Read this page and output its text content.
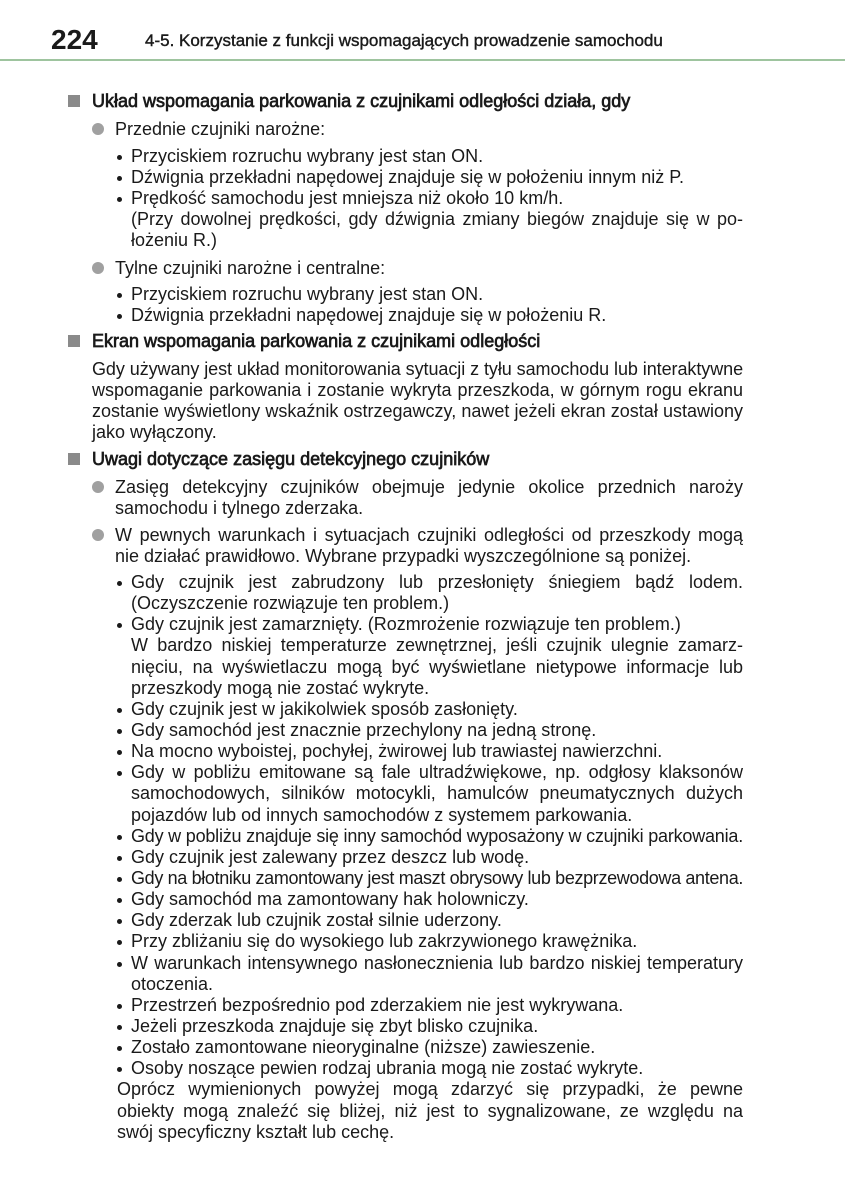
224	4-5. Korzystanie z funkcji wspomagających prowadzenie samochodu
Układ wspomagania parkowania z czujnikami odległości działa, gdy
Przednie czujniki narożne:
Przyciskiem rozruchu wybrany jest stan ON.
Dźwignia przekładni napędowej znajduje się w położeniu innym niż P.
Prędkość samochodu jest mniejsza niż około 10 km/h.
(Przy dowolnej prędkości, gdy dźwignia zmiany biegów znajduje się w po-
łożeniu R.)
Tylne czujniki narożne i centralne:
Przyciskiem rozruchu wybrany jest stan ON.
Dźwignia przekładni napędowej znajduje się w położeniu R.
Ekran wspomagania parkowania z czujnikami odległości
Gdy używany jest układ monitorowania sytuacji z tyłu samochodu lub interaktywne
wspomaganie parkowania i zostanie wykryta przeszkoda, w górnym rogu ekranu
zostanie wyświetlony wskaźnik ostrzegawczy, nawet jeżeli ekran został ustawiony
jako wyłączony.
Uwagi dotyczące zasięgu detekcyjnego czujników
Zasięg detekcyjny czujników obejmuje jedynie okolice przednich naroży
samochodu i tylnego zderzaka.
W pewnych warunkach i sytuacjach czujniki odległości od przeszkody mogą
nie działać prawidłowo. Wybrane przypadki wyszczególnione są poniżej.
Gdy czujnik jest zabrudzony lub przesłonięty śniegiem bądź lodem.
(Oczyszczenie rozwiązuje ten problem.)
Gdy czujnik jest zamarznięty. (Rozmrożenie rozwiązuje ten problem.)
W bardzo niskiej temperaturze zewnętrznej, jeśli czujnik ulegnie zamarz-
nięciu, na wyświetlaczu mogą być wyświetlane nietypowe informacje lub
przeszkody mogą nie zostać wykryte.
Gdy czujnik jest w jakikolwiek sposób zasłonięty.
Gdy samochód jest znacznie przechylony na jedną stronę.
Na mocno wyboistej, pochyłej, żwirowej lub trawiastej nawierzchni.
Gdy w pobliżu emitowane są fale ultradźwiękowe, np. odgłosy klaksonów
samochodowych, silników motocykli, hamulców pneumatycznych dużych
pojazdów lub od innych samochodów z systemem parkowania.
Gdy w pobliżu znajduje się inny samochód wyposażony w czujniki parkowania.
Gdy czujnik jest zalewany przez deszcz lub wodę.
Gdy na błotniku zamontowany jest maszt obrysowy lub bezprzewodowa antena.
Gdy samochód ma zamontowany hak holowniczy.
Gdy zderzak lub czujnik został silnie uderzony.
Przy zbliżaniu się do wysokiego lub zakrzywionego krawężnika.
W warunkach intensywnego nasłonecznienia lub bardzo niskiej temperatury
otoczenia.
Przestrzeń bezpośrednio pod zderzakiem nie jest wykrywana.
Jeżeli przeszkoda znajduje się zbyt blisko czujnika.
Zostało zamontowane nieoryginalne (niższe) zawieszenie.
Osoby noszące pewien rodzaj ubrania mogą nie zostać wykryte.
Oprócz wymienionych powyżej mogą zdarzyć się przypadki, że pewne
obiekty mogą znaleźć się bliżej, niż jest to sygnalizowane, ze względu na
swój specyficzny kształt lub cechę.
